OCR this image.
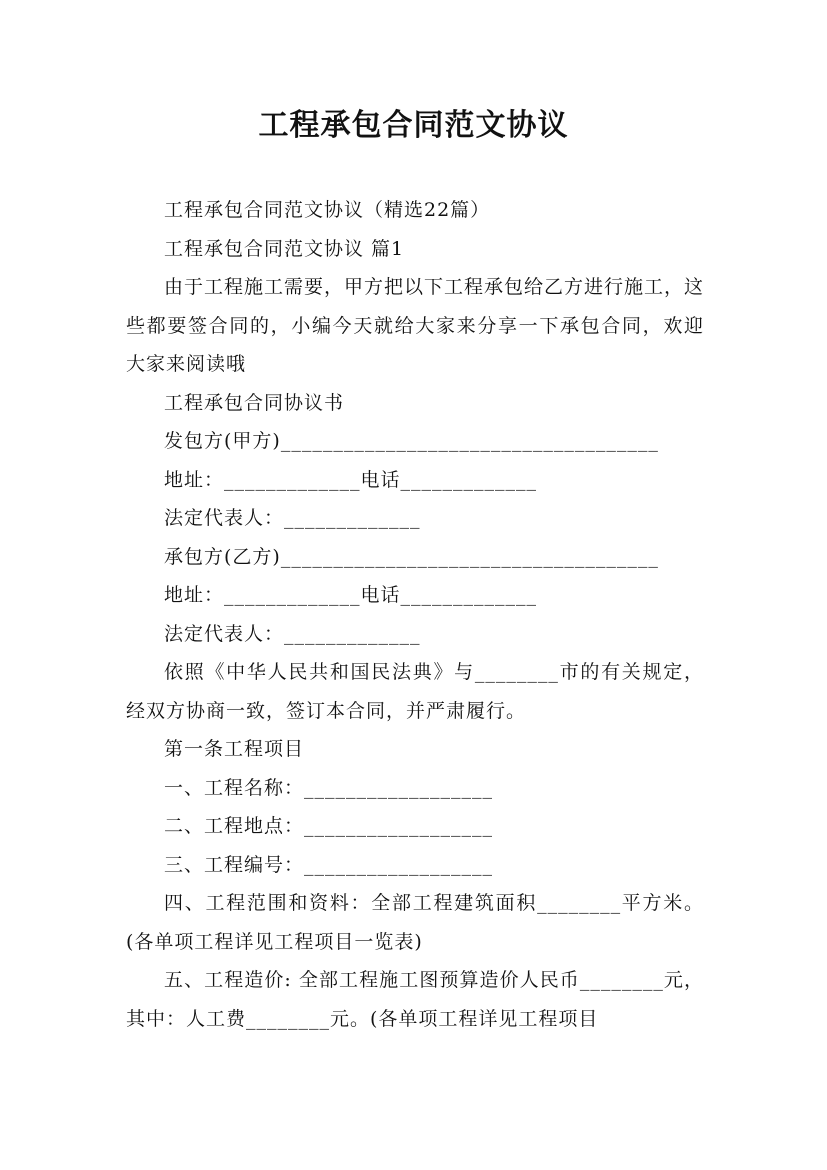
工程承包合同范文协议

工程承包合同范文协议（精选22篇）

工程承包合同范文协议 篇1

由于工程施工需要，甲方把以下工程承包给乙方进行施工，这些都要签合同的，小编今天就给大家来分享一下承包合同，欢迎大家来阅读哦

工程承包合同协议书

发包方(甲方)____________________________________

地址：_____________电话_____________

法定代表人：_____________

承包方(乙方)____________________________________

地址：_____________电话_____________

法定代表人：_____________

依照《中华人民共和国民法典》与________市的有关规定，经双方协商一致，签订本合同，并严肃履行。

第一条工程项目

一、工程名称：__________________

二、工程地点：__________________

三、工程编号：__________________

四、工程范围和资料：全部工程建筑面积________平方米。(各单项工程详见工程项目一览表)

五、工程造价: 全部工程施工图预算造价人民币________元，其中：人工费________元。(各单项工程详见工程项目
